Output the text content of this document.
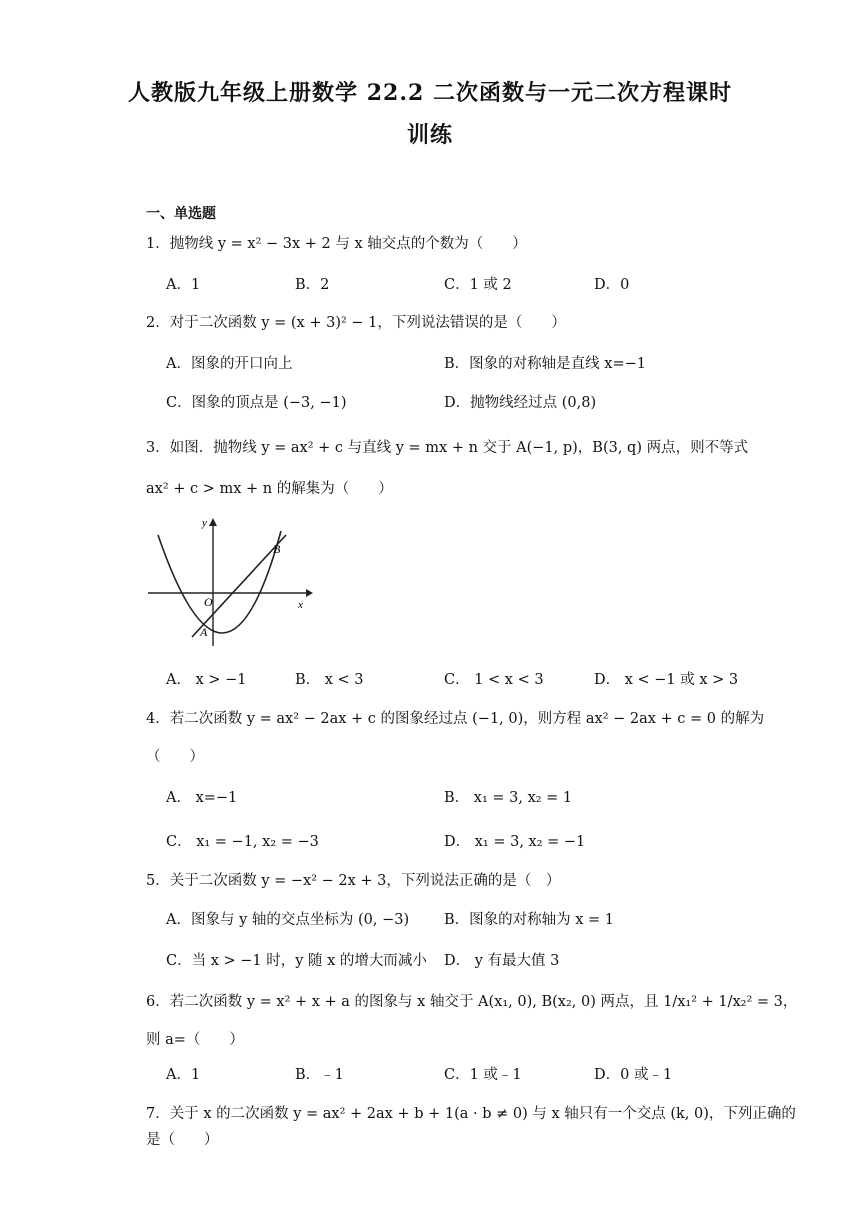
人教版九年级上册数学 22.2 二次函数与一元二次方程课时
训练
一、单选题
1．抛物线 y = x² − 3x + 2 与 x 轴交点的个数为（　　）
A．1	B．2	C．1 或 2	D．0
2．对于二次函数 y = (x + 3)² − 1，下列说法错误的是（　　）
A．图象的开口向上	B．图象的对称轴是直线 x=−1
C．图象的顶点是 (−3, −1)	D．抛物线经过点 (0,8)
3．如图．抛物线 y = ax² + c 与直线 y = mx + n 交于 A(−1, p)，B(3, q) 两点，则不等式
ax² + c > mx + n 的解集为（　　）
y
x
O
A
B
A． x > −1	B． x < 3	C． 1 < x < 3	D． x < −1 或 x > 3
4．若二次函数 y = ax² − 2ax + c 的图象经过点 (−1, 0)，则方程 ax² − 2ax + c = 0 的解为
（　　）
A． x=−1	B． x₁ = 3, x₂ = 1
C． x₁ = −1, x₂ = −3	D． x₁ = 3, x₂ = −1
5．关于二次函数 y = −x² − 2x + 3，下列说法正确的是（　）
A．图象与 y 轴的交点坐标为 (0, −3) B．图象的对称轴为 x = 1
C．当 x > −1 时，y 随 x 的增大而减小 D． y 有最大值 3
6．若二次函数 y = x² + x + a 的图象与 x 轴交于 A(x₁, 0), B(x₂, 0) 两点，且 1/x₁² + 1/x₂² = 3，
则 a=（　　）
A．1	B．﹣1	C．1 或﹣1	D．0 或﹣1
7．关于 x 的二次函数 y = ax² + 2ax + b + 1(a · b ≠ 0) 与 x 轴只有一个交点 (k, 0)，下列正确的
是（　　）
